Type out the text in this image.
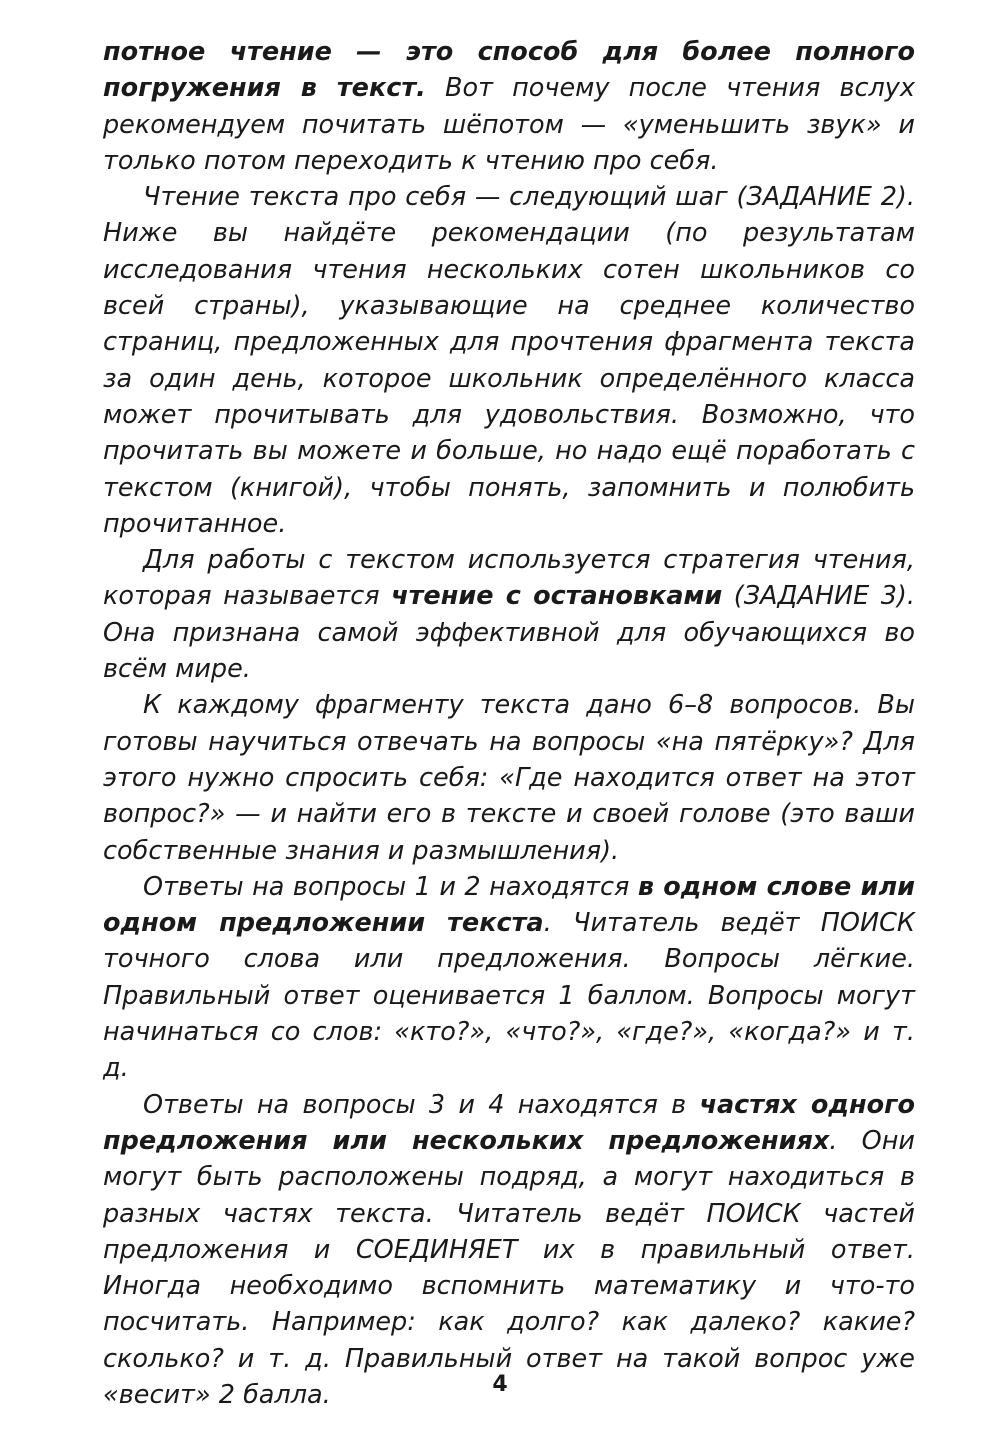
потное чтение — это способ для более полного погружения в текст. Вот почему после чтения вслух рекомендуем почитать шёпотом — «уменьшить звук» и только потом переходить к чтению про себя.

Чтение текста про себя — следующий шаг (ЗАДАНИЕ 2). Ниже вы найдёте рекомендации (по результатам исследования чтения нескольких сотен школьников со всей страны), указывающие на среднее количество страниц, предложенных для прочтения фрагмента текста за один день, которое школьник определённого класса может прочитывать для удовольствия. Возможно, что прочитать вы можете и больше, но надо ещё поработать с текстом (книгой), чтобы понять, запомнить и полюбить прочитанное.

Для работы с текстом используется стратегия чтения, которая называется чтение с остановками (ЗАДАНИЕ 3). Она признана самой эффективной для обучающихся во всём мире.

К каждому фрагменту текста дано 6–8 вопросов. Вы готовы научиться отвечать на вопросы «на пятёрку»? Для этого нужно спросить себя: «Где находится ответ на этот вопрос?» — и найти его в тексте и своей голове (это ваши собственные знания и размышления).

Ответы на вопросы 1 и 2 находятся в одном слове или одном предложении текста. Читатель ведёт ПОИСК точного слова или предложения. Вопросы лёгкие. Правильный ответ оценивается 1 баллом. Вопросы могут начинаться со слов: «кто?», «что?», «где?», «когда?» и т. д.

Ответы на вопросы 3 и 4 находятся в частях одного предложения или нескольких предложениях. Они могут быть расположены подряд, а могут находиться в разных частях текста. Читатель ведёт ПОИСК частей предложения и СОЕДИНЯЕТ их в правильный ответ. Иногда необходимо вспомнить математику и что-то посчитать. Например: как долго? как далеко? какие? сколько? и т. д. Правильный ответ на такой вопрос уже «весит» 2 балла.	4
